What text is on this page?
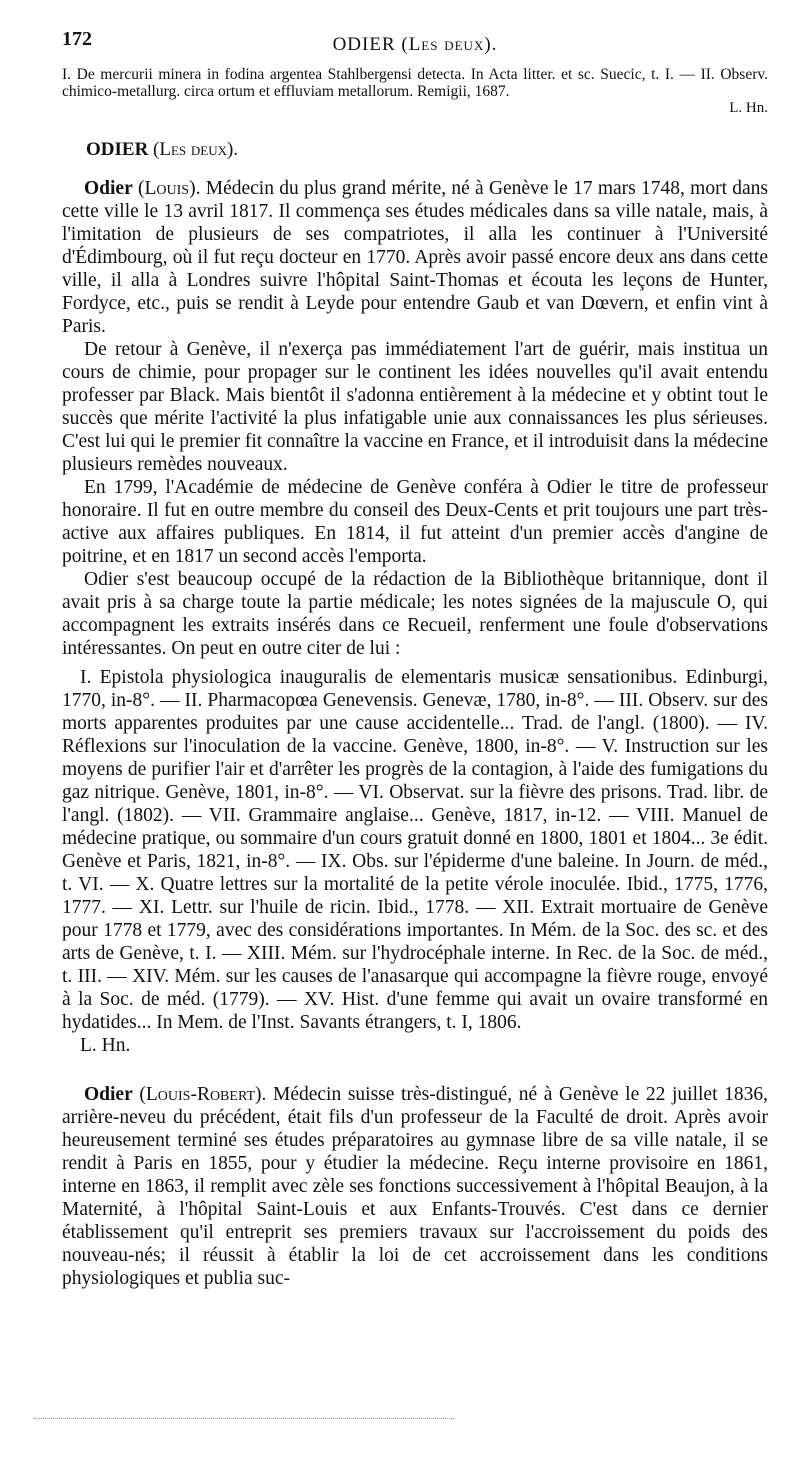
172	ODIER (Les deux).

I. De mercurii minera in fodina argentea Stahlbergensi detecta. In Acta litter. et sc. Suecic, t. I. — II. Observ. chimico-metallurg. circa ortum et effluviam metallorum. Remigii, 1687.

L. Hn.

ODIER (Les deux).

Odier (Louis). Médecin du plus grand mérite, né à Genève le 17 mars 1748, mort dans cette ville le 13 avril 1817. Il commença ses études médicales dans sa ville natale, mais, à l'imitation de plusieurs de ses compatriotes, il alla les continuer à l'Université d'Édimbourg, où il fut reçu docteur en 1770. Après avoir passé encore deux ans dans cette ville, il alla à Londres suivre l'hôpital Saint-Thomas et écouta les leçons de Hunter, Fordyce, etc., puis se rendit à Leyde pour entendre Gaub et van Dœvern, et enfin vint à Paris.

De retour à Genève, il n'exerça pas immédiatement l'art de guérir, mais institua un cours de chimie, pour propager sur le continent les idées nouvelles qu'il avait entendu professer par Black. Mais bientôt il s'adonna entièrement à la médecine et y obtint tout le succès que mérite l'activité la plus infatigable unie aux connaissances les plus sérieuses. C'est lui qui le premier fit connaître la vaccine en France, et il introduisit dans la médecine plusieurs remèdes nouveaux.

En 1799, l'Académie de médecine de Genève conféra à Odier le titre de professeur honoraire. Il fut en outre membre du conseil des Deux-Cents et prit toujours une part très-active aux affaires publiques. En 1814, il fut atteint d'un premier accès d'angine de poitrine, et en 1817 un second accès l'emporta.

Odier s'est beaucoup occupé de la rédaction de la Bibliothèque britannique, dont il avait pris à sa charge toute la partie médicale; les notes signées de la majuscule O, qui accompagnent les extraits insérés dans ce Recueil, renferment une foule d'observations intéressantes. On peut en outre citer de lui :

I. Epistola physiologica inauguralis de elementaris musicæ sensationibus. Edinburgi, 1770, in-8°. — II. Pharmacopœa Genevensis. Genevæ, 1780, in-8°. — III. Observ. sur des morts apparentes produites par une cause accidentelle... Trad. de l'angl. (1800). — IV. Réflexions sur l'inoculation de la vaccine. Genève, 1800, in-8°. — V. Instruction sur les moyens de purifier l'air et d'arrêter les progrès de la contagion, à l'aide des fumigations du gaz nitrique. Genève, 1801, in-8°. — VI. Observat. sur la fièvre des prisons. Trad. libr. de l'angl. (1802). — VII. Grammaire anglaise... Genève, 1817, in-12. — VIII. Manuel de médecine pratique, ou sommaire d'un cours gratuit donné en 1800, 1801 et 1804... 3e édit. Genève et Paris, 1821, in-8°. — IX. Obs. sur l'épiderme d'une baleine. In Journ. de méd., t. VI. — X. Quatre lettres sur la mortalité de la petite vérole inoculée. Ibid., 1775, 1776, 1777. — XI. Lettr. sur l'huile de ricin. Ibid., 1778. — XII. Extrait mortuaire de Genève pour 1778 et 1779, avec des considérations importantes. In Mém. de la Soc. des sc. et des arts de Genève, t. I. — XIII. Mém. sur l'hydrocéphale interne. In Rec. de la Soc. de méd., t. III. — XIV. Mém. sur les causes de l'anasarque qui accompagne la fièvre rouge, envoyé à la Soc. de méd. (1779). — XV. Hist. d'une femme qui avait un ovaire transformé en hydatides... In Mem. de l'Inst. Savants étrangers, t. I, 1806.

L. Hn.

Odier (Louis-Robert). Médecin suisse très-distingué, né à Genève le 22 juillet 1836, arrière-neveu du précédent, était fils d'un professeur de la Faculté de droit. Après avoir heureusement terminé ses études préparatoires au gymnase libre de sa ville natale, il se rendit à Paris en 1855, pour y étudier la médecine. Reçu interne provisoire en 1861, interne en 1863, il remplit avec zèle ses fonctions successivement à l'hôpital Beaujon, à la Maternité, à l'hôpital Saint-Louis et aux Enfants-Trouvés. C'est dans ce dernier établissement qu'il entreprit ses premiers travaux sur l'accroissement du poids des nouveau-nés; il réussit à établir la loi de cet accroissement dans les conditions physiologiques et publia suc-
